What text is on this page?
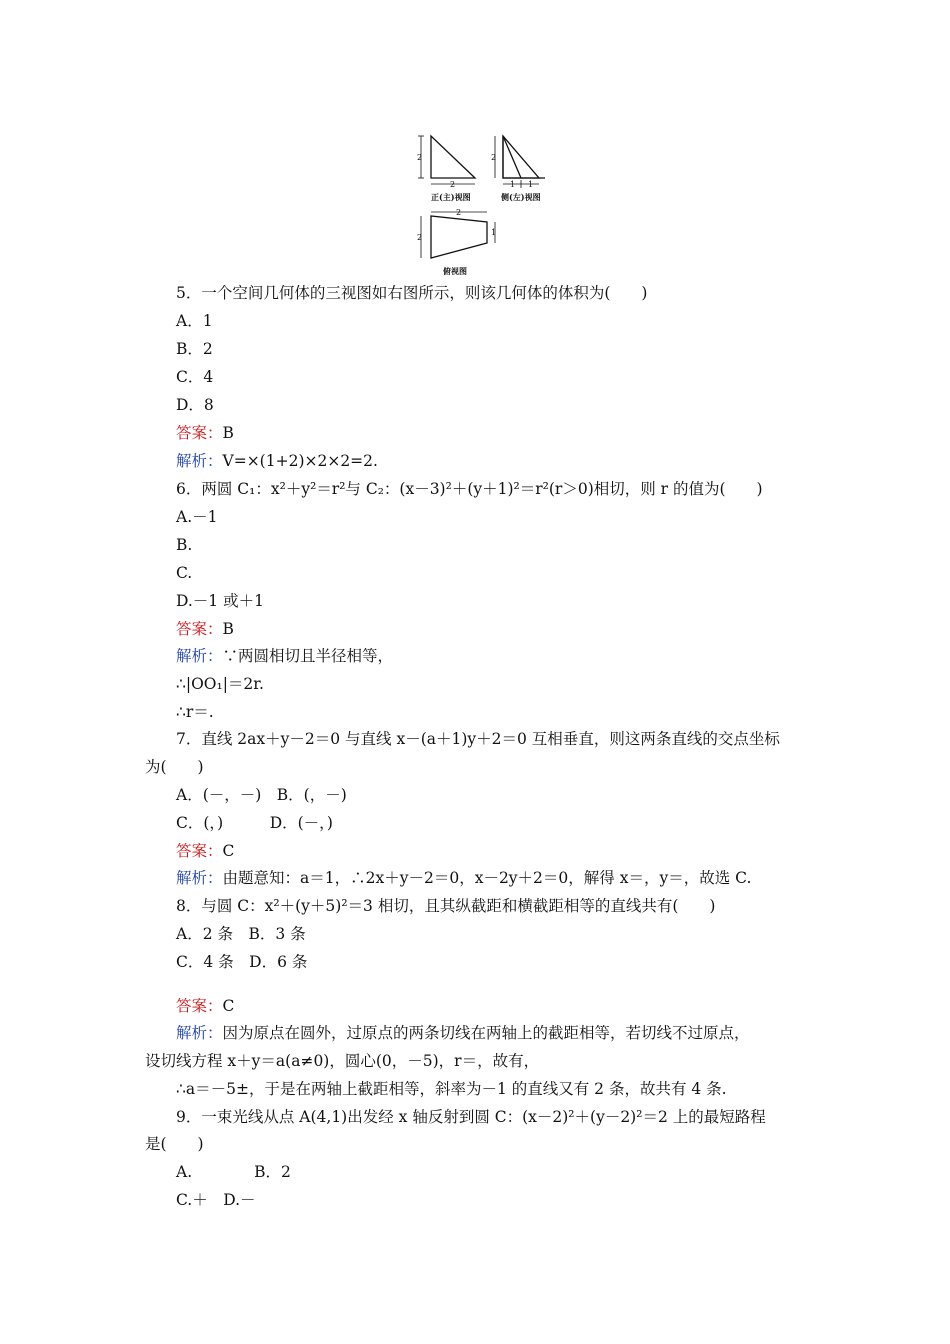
2
2
2
1 1
2
2
1
正(主)视图	侧(左)视图
俯视图
5．一个空间几何体的三视图如右图所示，则该几何体的体积为(　　)
A．1
B．2
C．4
D．8
答案：B
解析：V=×(1+2)×2×2=2.
6．两圆 C₁：x²＋y²＝r²与 C₂：(x－3)²＋(y＋1)²＝r²(r＞0)相切，则 r 的值为(　　)
A.－1
B.
C.
D.－1 或＋1
答案：B
解析：∵两圆相切且半径相等，
∴|OO₁|＝2r.
∴r＝.
7．直线 2ax＋y－2＝0 与直线 x－(a＋1)y＋2＝0 互相垂直，则这两条直线的交点坐标
为(　　)
A．(－，－)　B．(，－)
C．(，)　　　D．(－，)
答案：C
解析：由题意知：a＝1，∴2x＋y－2＝0，x－2y＋2＝0，解得 x＝，y＝，故选 C.
8．与圆 C：x²＋(y＋5)²＝3 相切，且其纵截距和横截距相等的直线共有(　　)
A．2 条　B．3 条
C．4 条　D．6 条
答案：C
解析：因为原点在圆外，过原点的两条切线在两轴上的截距相等，若切线不过原点，
设切线方程 x＋y＝a(a≠0)，圆心(0，－5)，r＝，故有，
∴a＝－5±，于是在两轴上截距相等，斜率为－1 的直线又有 2 条，故共有 4 条.
9．一束光线从点 A(4,1)出发经 x 轴反射到圆 C：(x－2)²＋(y－2)²＝2 上的最短路程
是(　　)
A.　　　　B．2
C.＋　D.－
